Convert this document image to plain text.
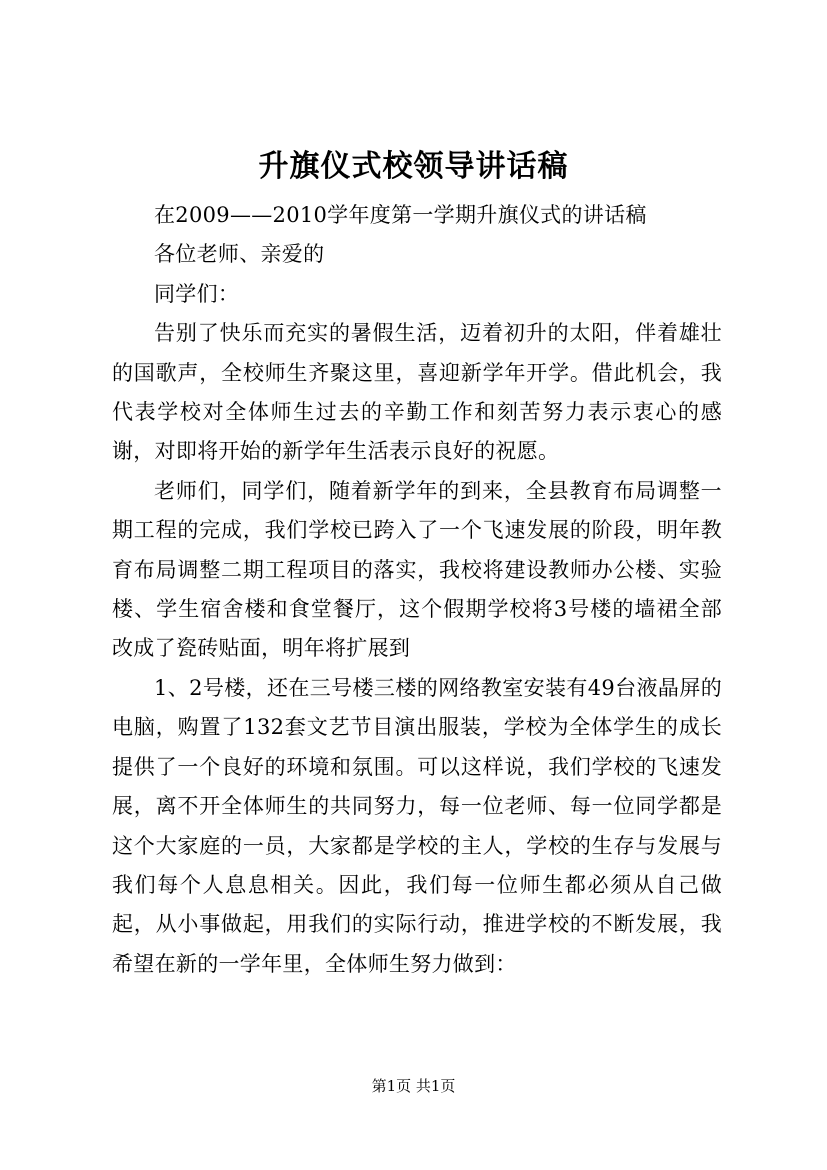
升旗仪式校领导讲话稿

在2009——2010学年度第一学期升旗仪式的讲话稿

各位老师、亲爱的

同学们：

告别了快乐而充实的暑假生活，迈着初升的太阳，伴着雄壮的国歌声，全校师生齐聚这里，喜迎新学年开学。借此机会，我代表学校对全体师生过去的辛勤工作和刻苦努力表示衷心的感谢，对即将开始的新学年生活表示良好的祝愿。

老师们，同学们，随着新学年的到来，全县教育布局调整一期工程的完成，我们学校已跨入了一个飞速发展的阶段，明年教育布局调整二期工程项目的落实，我校将建设教师办公楼、实验楼、学生宿舍楼和食堂餐厅，这个假期学校将3号楼的墙裙全部改成了瓷砖贴面，明年将扩展到

1、2号楼，还在三号楼三楼的网络教室安装有49台液晶屏的电脑，购置了132套文艺节目演出服装，学校为全体学生的成长提供了一个良好的环境和氛围。可以这样说，我们学校的飞速发展，离不开全体师生的共同努力，每一位老师、每一位同学都是这个大家庭的一员，大家都是学校的主人，学校的生存与发展与我们每个人息息相关。因此，我们每一位师生都必须从自己做起，从小事做起，用我们的实际行动，推进学校的不断发展，我希望在新的一学年里，全体师生努力做到：

第1页 共1页
